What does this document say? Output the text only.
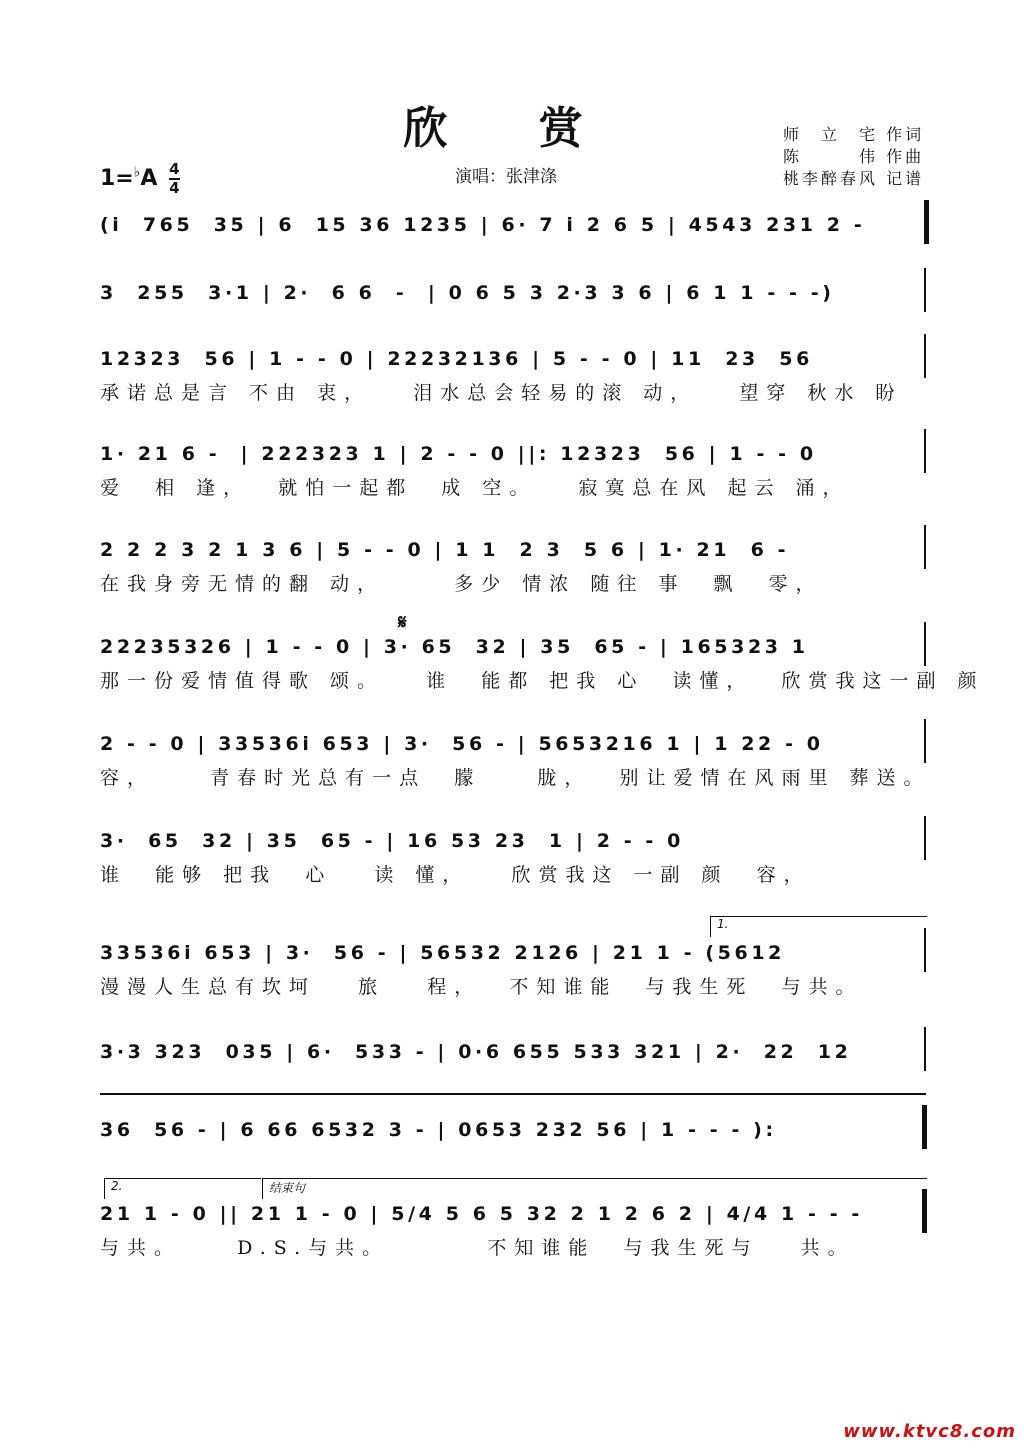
欣 赏
$1=^♭A \frac{4}{4}$	演唱：张津涤
师　立　宅 作词
陈　　　伟 作曲
桃李醉春风 记谱
𝄋
(i  765  35 | 6  15 36 1235 | 6· 7 i 2 6 5 | 4543 231 2 -
3  255  3·1 | 2·  6 6  -  | 0 6 5 3 2·3 3 6 | 6 1 1 - - -)
12323  56 | 1 - - 0 | 22232136 | 5 - - 0 | 11  23  56
承诺总是言 不由 衷，   泪水总会轻易的滚 动，   望穿 秋水 盼
1· 21 6 -  | 222323 1 | 2 - - 0 ||: 12323  56 | 1 - - 0
爱  相 逢，  就怕一起都  成 空。   寂寞总在风 起云 涌，
2 2 2 3 2 1 3 6 | 5 - - 0 | 1 1  2 3  5 6 | 1· 21  6 -
在我身旁无情的翻 动，     多少 情浓 随往 事  飘  零，
22235326 | 1 - - 0 | 3· 65  32 | 35  65 - | 165323 1
那一份爱情值得歌 颂。   谁  能都 把我 心  读懂，  欣赏我这一副 颜
2 - - 0 | 33536i 653 | 3·  56 - | 5653216 1 | 1 22 - 0
容，    青春时光总有一点  朦    胧，  别让爱情在风雨里 葬送。
3·  65  32 | 35  65 - | 16 53 23  1 | 2 - - 0
谁  能够 把我  心   读 懂，   欣赏我这 一副 颜  容，
1.
33536i 653 | 3·  56 - | 56532 2126 | 21 1 - (5612
漫漫人生总有坎坷   旅   程，  不知谁能  与我生死  与共。
3·3 323  035 | 6·  533 - | 0·6 655 533 321 | 2·  22  12
36  56 - | 6 66 6532 3 - | 0653 232 56 | 1 - - - ):
2.	结束句
21 1 - 0 || 21 1 - 0 | 5/4 5 6 5 32 2 1 2 6 2 | 4/4 1 - - -
与共。    D.S.与共。       不知谁能  与我生死与   共。
www.ktvc8.com
